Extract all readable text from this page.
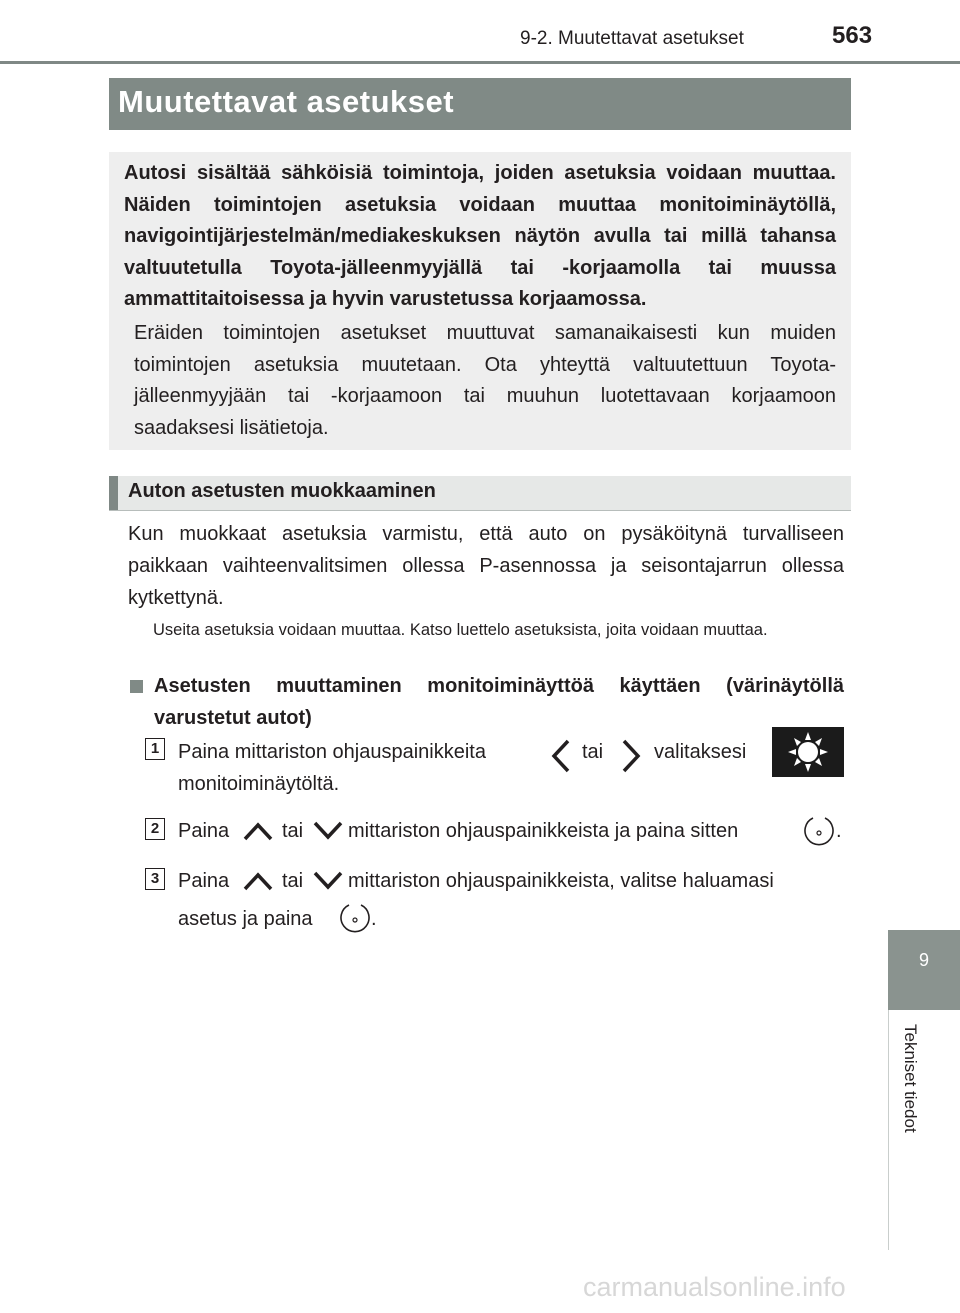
9-2. Muutettavat asetukset	563
9
Tekniset tiedot
Muutettavat asetukset
Autosi sisältää sähköisiä toimintoja, joiden asetuksia voidaan muuttaa. Näiden toimintojen asetuksia voidaan muuttaa monitoiminäytöllä, navigointijärjestelmän/mediakeskuksen näytön avulla tai millä tahansa valtuutetulla Toyota-jälleenmyyjällä tai -korjaamolla tai muussa ammattitaitoisessa ja hyvin varustetussa korjaamossa.
Eräiden toimintojen asetukset muuttuvat samanaikaisesti kun muiden toimintojen asetuksia muutetaan. Ota yhteyttä valtuutettuun Toyota-jälleenmyyjään tai -korjaamoon tai muuhun luotettavaan korjaamoon saadaksesi lisätietoja.
Auton asetusten muokkaaminen
Kun muokkaat asetuksia varmistu, että auto on pysäköitynä turvalliseen paikkaan vaihteenvalitsimen ollessa P-asennossa ja seisontajarrun ollessa kytkettynä.
Useita asetuksia voidaan muuttaa. Katso luettelo asetuksista, joita voidaan muuttaa.
Asetusten muuttaminen monitoiminäyttöä käyttäen (värinäytöllä varustetut autot)
1 Paina mittariston ohjauspainikkeita	tai	valitaksesi
monitoiminäytöltä.
2 Paina	tai mittariston ohjauspainikkeista ja paina sitten	.
3 Paina	tai mittariston ohjauspainikkeista, valitse haluamasi
asetus ja paina	.
carmanualsonline.info
